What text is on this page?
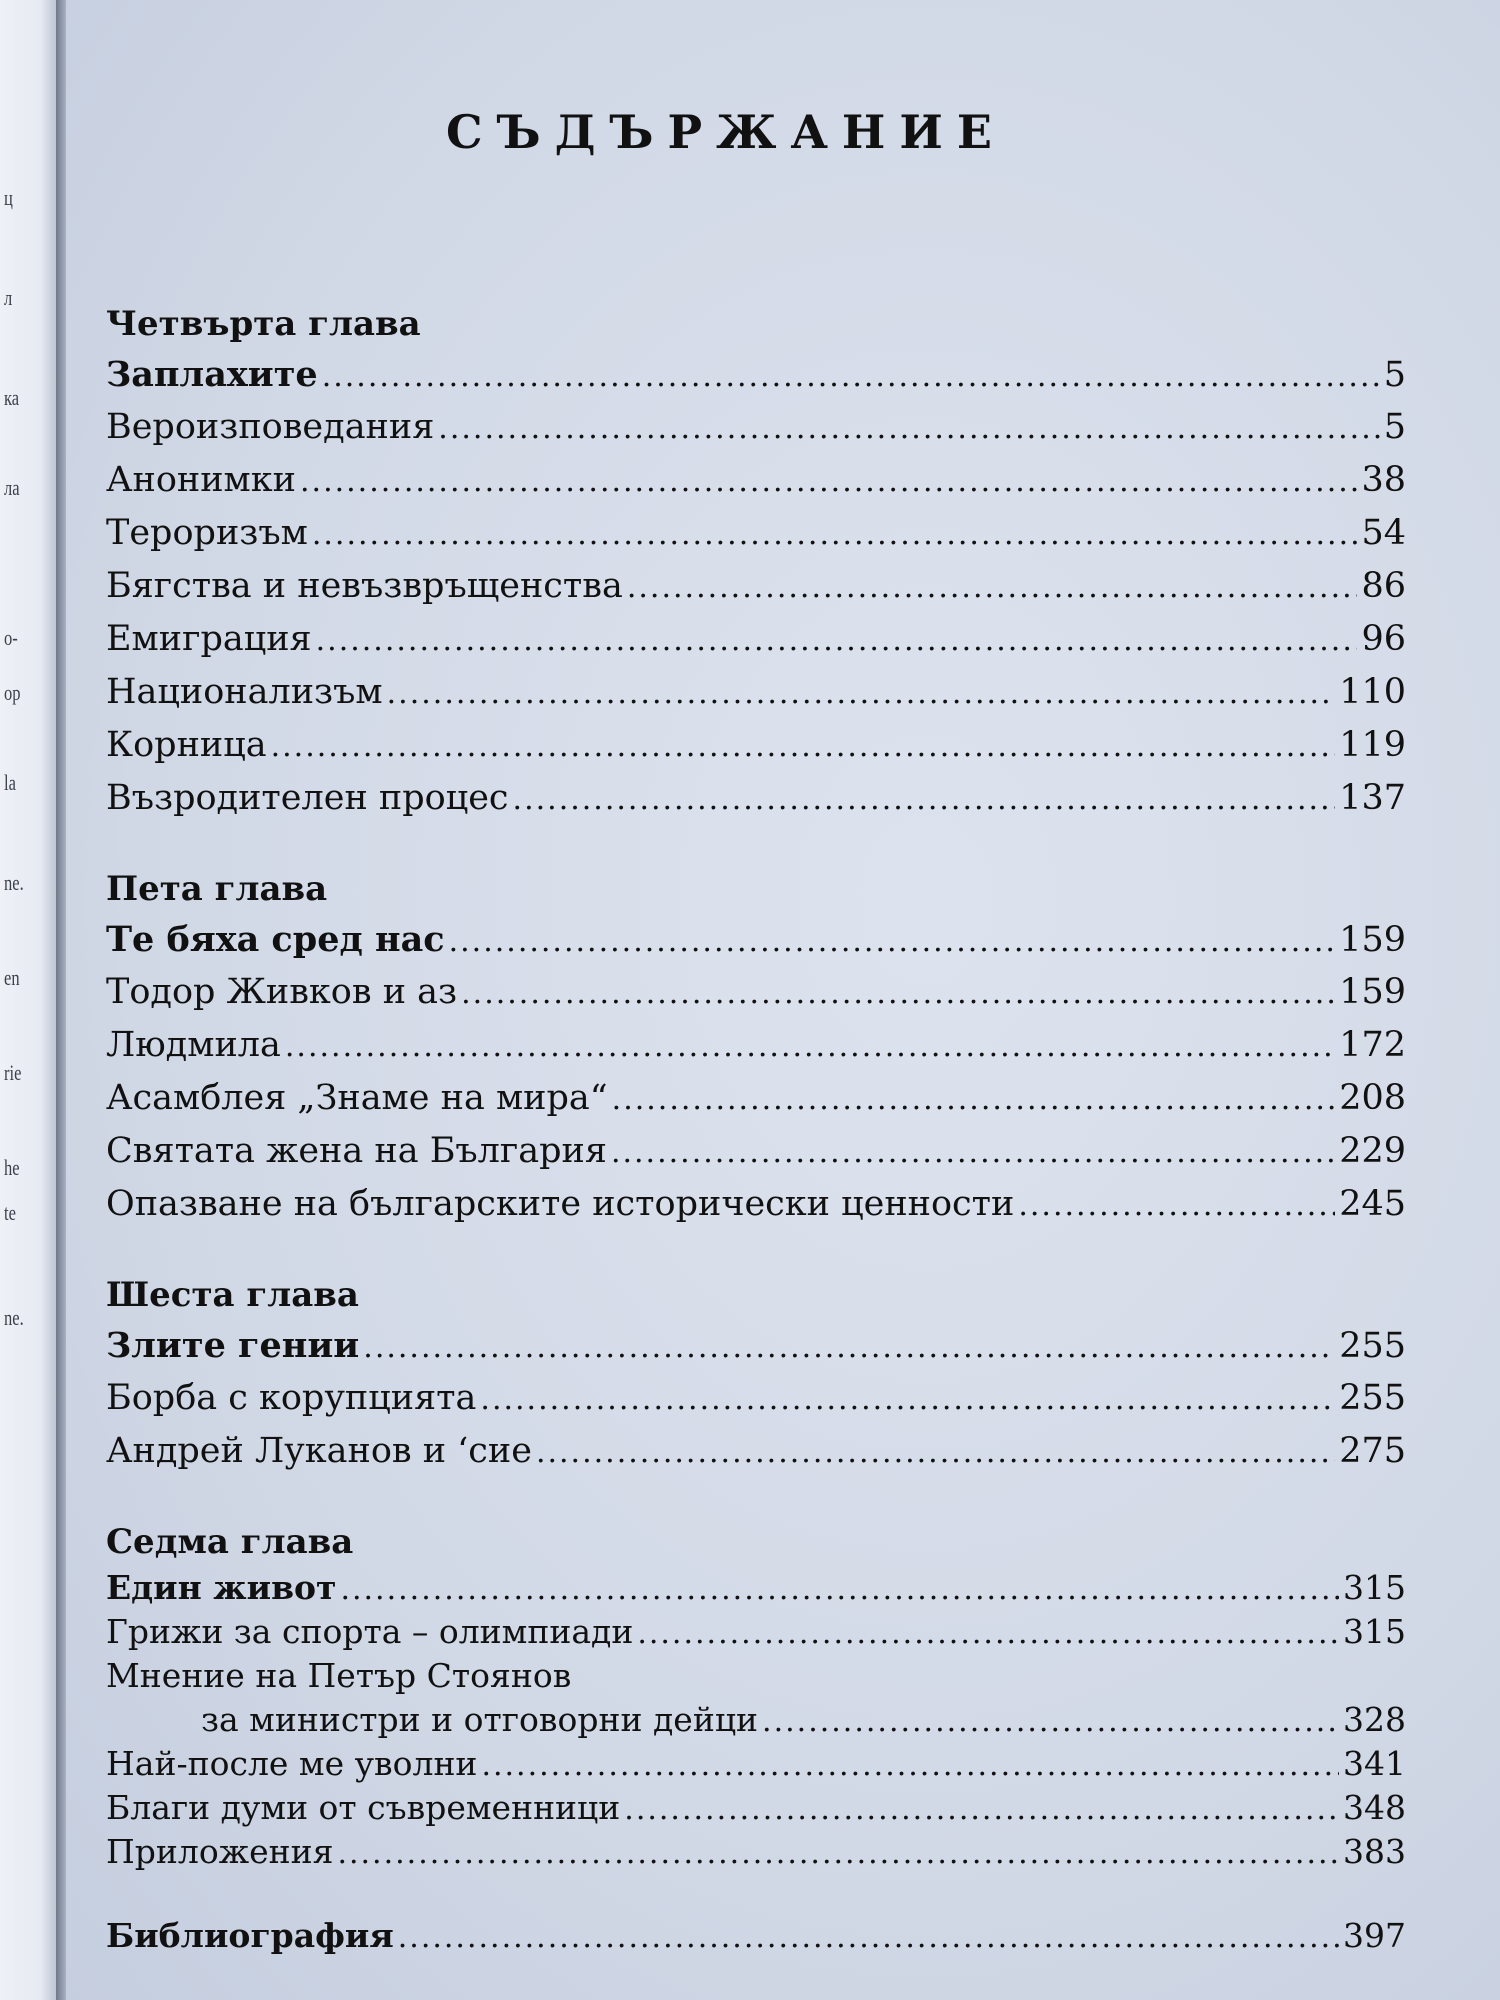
ц
л
ка
ла
о-
ор
la
ne.
en
rie
he
te
ne.
СЪДЪРЖАНИЕ
Четвърта глава
Заплахите .....	5
Вероизповедания .....	5
Анонимки .....	38
Тероризъм .....	54
Бягства и невъзвръщенства .....	86
Емиграция .....	96
Национализъм .....	110
Корница .....	119
Възродителен процес .....	137
Пета глава
Те бяха сред нас .....	159
Тодор Живков и аз .....	159
Людмила .....	172
Асамблея „Знаме на мира“ .....	208
Святата жена на България .....	229
Опазване на българските исторически ценности .....	245
Шеста глава
Злите гении .....	255
Борба с корупцията .....	255
Андрей Луканов и ‘сие .....	275
Седма глава
Един живот .....	315
Грижи за спорта – олимпиади .....	315
Мнение на Петър Стоянов
за министри и отговорни дейци .....	328
Най-после ме уволни .....	341
Благи думи от съвременници .....	348
Приложения .....	383
Библиография .....	397
